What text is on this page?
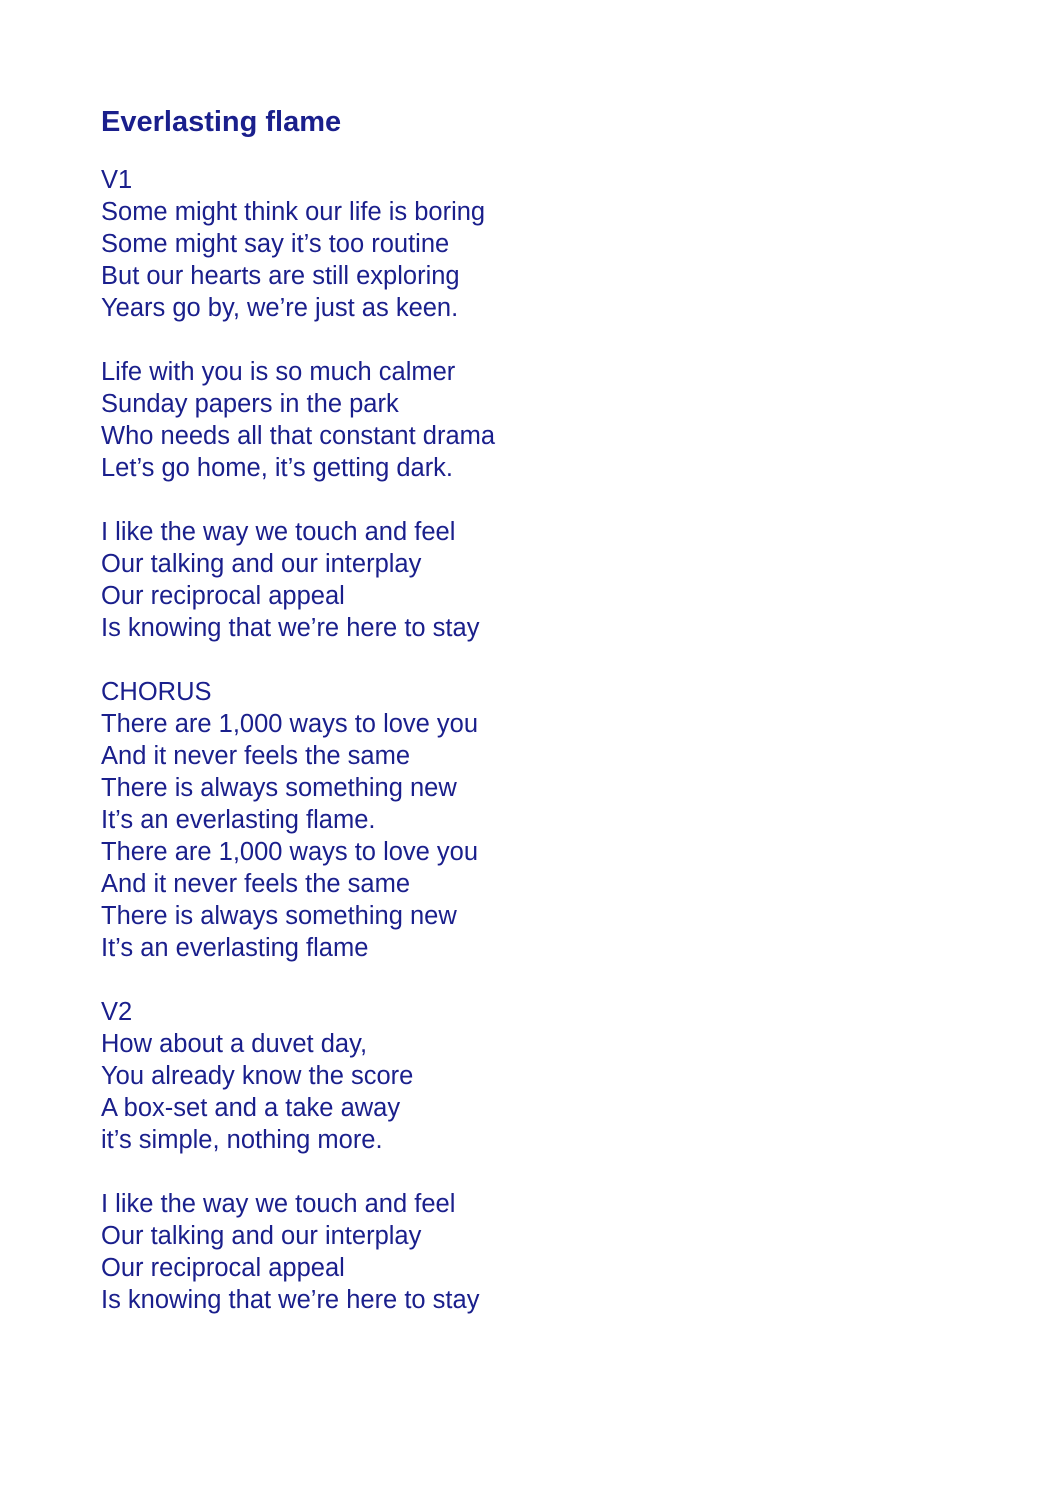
Everlasting flame
V1
Some might think our life is boring
Some might say it’s too routine
But our hearts are still exploring
Years go by, we’re just as keen.
Life with you is so much calmer
Sunday papers in the park
Who needs all that constant drama
Let’s go home, it’s getting dark.
I like the way we touch and feel
Our talking and our interplay
Our reciprocal appeal
Is knowing that we’re here to stay
CHORUS
There are 1,000 ways to love you
And it never feels the same
There is always something new
It’s an everlasting flame.
There are 1,000 ways to love you
And it never feels the same
There is always something new
It’s an everlasting flame
V2
How about a duvet day,
You already know the score
A box-set and a take away
it’s simple, nothing more.
I like the way we touch and feel
Our talking and our interplay
Our reciprocal appeal
Is knowing that we’re here to stay
